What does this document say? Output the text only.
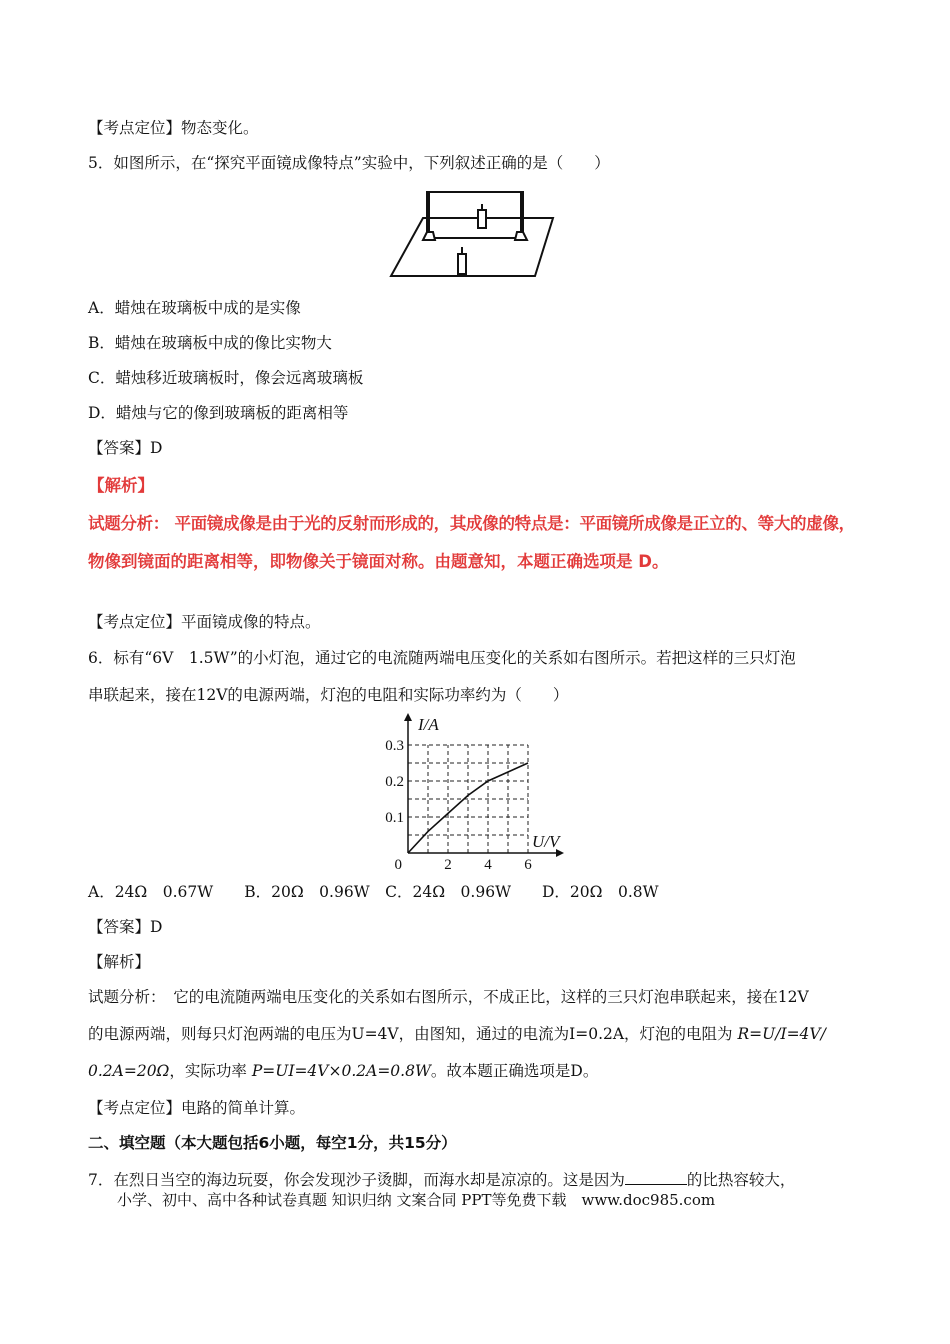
【考点定位】物态变化。
5．如图所示，在“探究平面镜成像特点”实验中，下列叙述正确的是（　　）
A．蜡烛在玻璃板中成的是实像
B．蜡烛在玻璃板中成的像比实物大
C．蜡烛移近玻璃板时，像会远离玻璃板
D．蜡烛与它的像到玻璃板的距离相等
【答案】D
【解析】
试题分析： 平面镜成像是由于光的反射而形成的，其成像的特点是：平面镜所成像是正立的、等大的虚像，
物像到镜面的距离相等，即物像关于镜面对称。由题意知，本题正确选项是 D。
【考点定位】平面镜成像的特点。
6．标有“6V　1.5W”的小灯泡，通过它的电流随两端电压变化的关系如右图所示。若把这样的三只灯泡
串联起来，接在12V的电源两端，灯泡的电阻和实际功率约为（　　）
2 4 6
0.1
0.2
0.3
0
I/A
U/V
A．24Ω　0.67W　　B．20Ω　0.96W　C．24Ω　0.96W　　D．20Ω　0.8W
【答案】D
【解析】
试题分析：　它的电流随两端电压变化的关系如右图所示，不成正比，这样的三只灯泡串联起来，接在12V
的电源两端，则每只灯泡两端的电压为U=4V，由图知，通过的电流为I=0.2A，灯泡的电阻为 R=U/I=4V/
0.2A=20Ω，实际功率 P=UI=4V×0.2A=0.8W。故本题正确选项是D。
【考点定位】电路的简单计算。
二、填空题（本大题包括6小题，每空1分，共15分）
7．在烈日当空的海边玩耍，你会发现沙子烫脚，而海水却是凉凉的。这是因为	的比热容较大，
小学、初中、高中各种试卷真题 知识归纳 文案合同 PPT等免费下载　www.doc985.com
